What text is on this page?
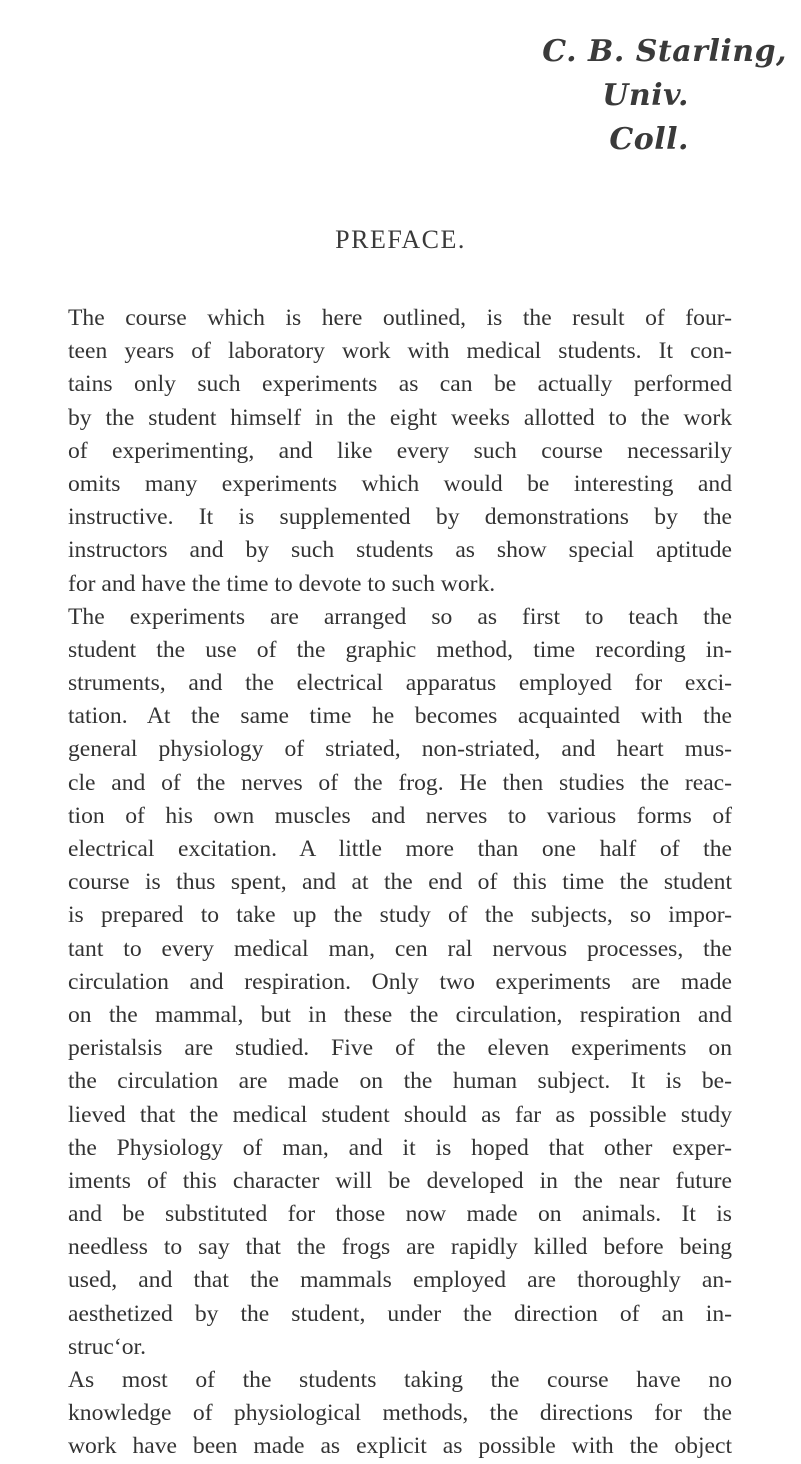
C. B. Starling,
Univ. Coll.
PREFACE.
The course which is here outlined, is the result of four-
teen years of laboratory work with medical students. It con-
tains only such experiments as can be actually performed
by the student himself in the eight weeks allotted to the work
of experimenting, and like every such course necessarily
omits many experiments which would be interesting and
instructive. It is supplemented by demonstrations by the
instructors and by such students as show special aptitude
for and have the time to devote to such work.
The experiments are arranged so as first to teach the
student the use of the graphic method, time recording in-
struments, and the electrical apparatus employed for exci-
tation. At the same time he becomes acquainted with the
general physiology of striated, non-striated, and heart mus-
cle and of the nerves of the frog. He then studies the reac-
tion of his own muscles and nerves to various forms of
electrical excitation. A little more than one half of the
course is thus spent, and at the end of this time the student
is prepared to take up the study of the subjects, so impor-
tant to every medical man, cen ral nervous processes, the
circulation and respiration. Only two experiments are made
on the mammal, but in these the circulation, respiration and
peristalsis are studied. Five of the eleven experiments on
the circulation are made on the human subject. It is be-
lieved that the medical student should as far as possible study
the Physiology of man, and it is hoped that other exper-
iments of this character will be developed in the near future
and be substituted for those now made on animals. It is
needless to say that the frogs are rapidly killed before being
used, and that the mammals employed are thoroughly an-
aesthetized by the student, under the direction of an in-
struc‘or.
As most of the students taking the course have no
knowledge of physiological methods, the directions for the
work have been made as explicit as possible with the object
